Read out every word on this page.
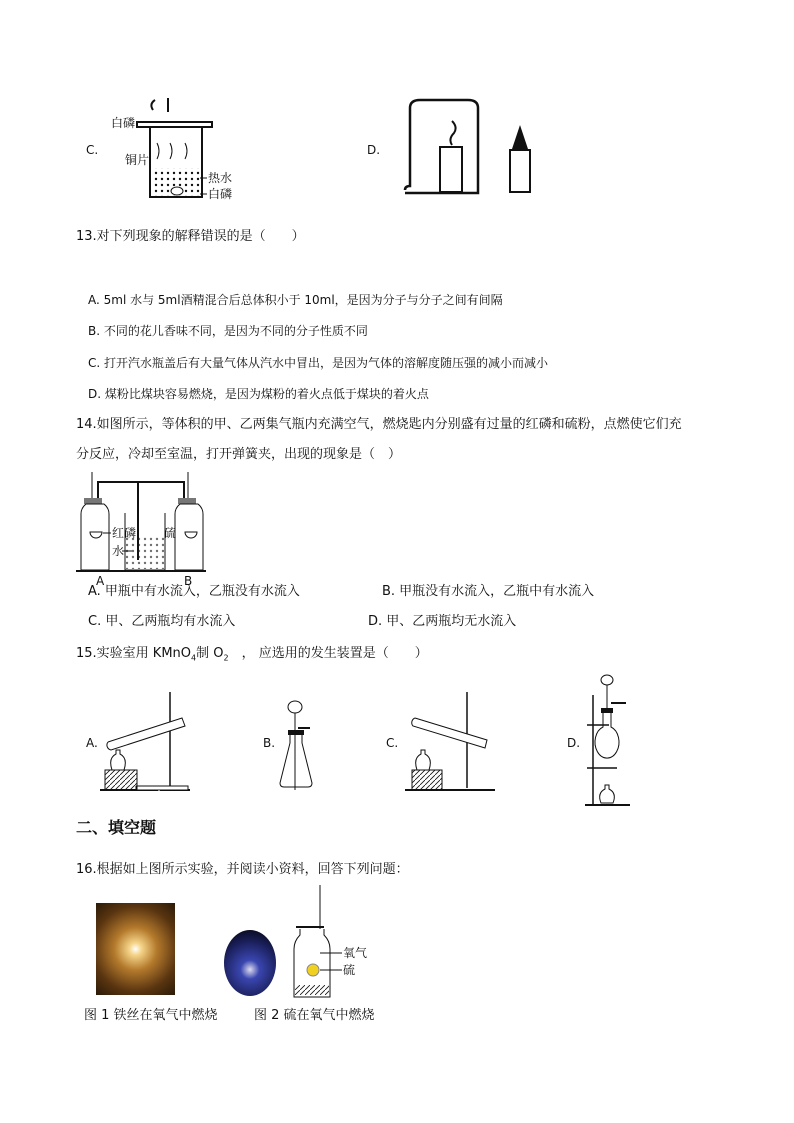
C.
白磷
铜片
热水
白磷
D.
13.对下列现象的解释错误的是（　　）
A. 5ml 水与 5ml酒精混合后总体积小于 10ml，是因为分子与分子之间有间隔
B. 不同的花儿香味不同，是因为不同的分子性质不同
C. 打开汽水瓶盖后有大量气体从汽水中冒出，是因为气体的溶解度随压强的减小而减小
D. 煤粉比煤块容易燃烧，是因为煤粉的着火点低于煤块的着火点
14.如图所示，等体积的甲、乙两集气瓶内充满空气，燃烧匙内分别盛有过量的红磷和硫粉，点燃使它们充
分反应，冷却至室温，打开弹簧夹，出现的现象是（　）
红磷
水
硫
A	B
A. 甲瓶中有水流入，乙瓶没有水流入	B. 甲瓶没有水流入，乙瓶中有水流入
C. 甲、乙两瓶均有水流入	D. 甲、乙两瓶均无水流入
15.实验室用 KMnO$_4$制 $O_2$　， 应选用的发生装置是（　　）
A.	B.	C.	D.
二、填空题
16.根据如上图所示实验，并阅读小资料，回答下列问题：
氧气
硫
图 1 铁丝在氧气中燃烧	图 2 硫在氧气中燃烧
